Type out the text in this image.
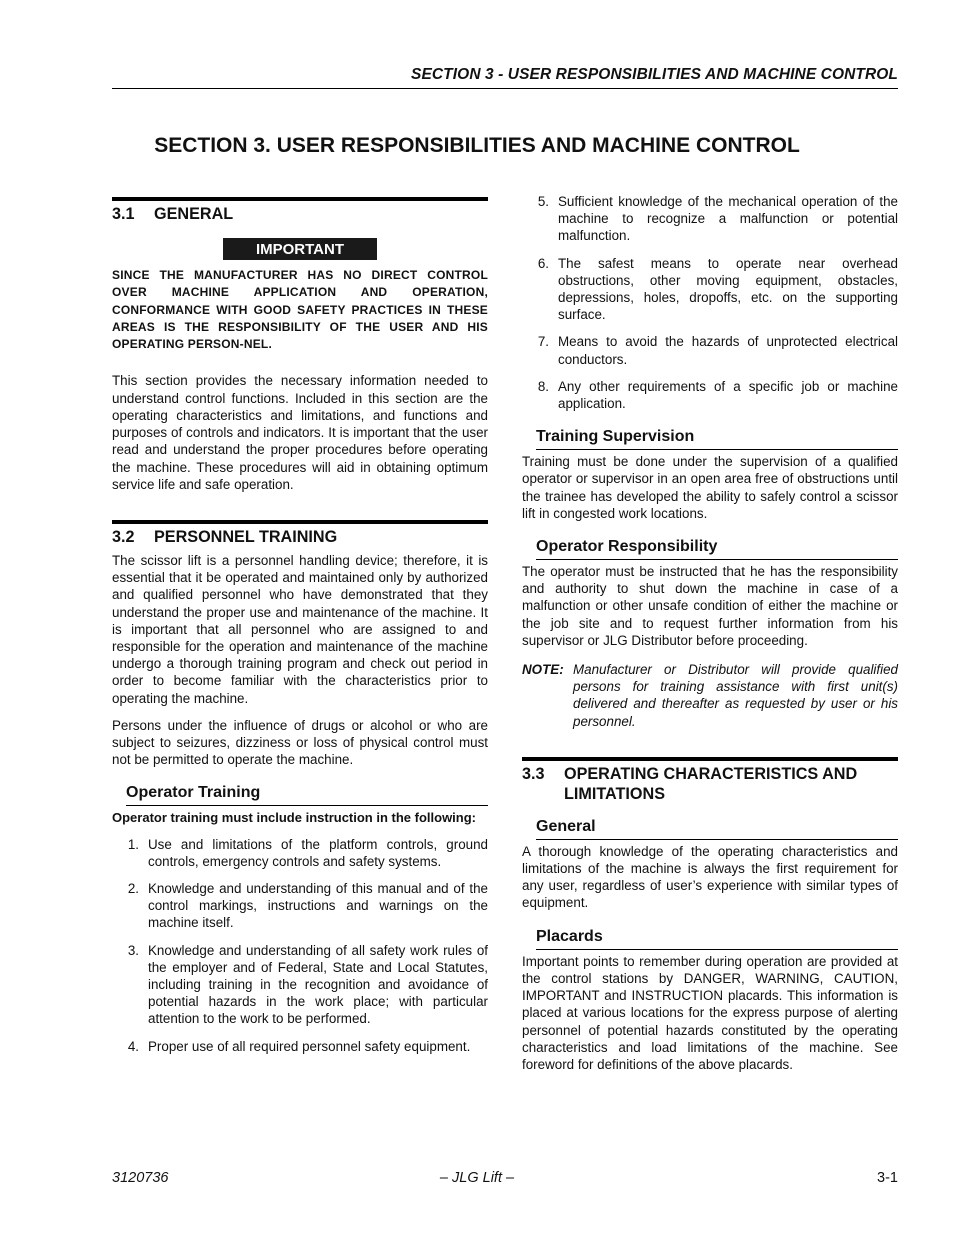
SECTION 3 - USER RESPONSIBILITIES AND MACHINE CONTROL
SECTION 3. USER RESPONSIBILITIES AND MACHINE CONTROL
3.1	GENERAL
IMPORTANT

SINCE THE MANUFACTURER HAS NO DIRECT CONTROL OVER MACHINE APPLICATION AND OPERATION, CONFORMANCE WITH GOOD SAFETY PRACTICES IN THESE AREAS IS THE RESPONSIBILITY OF THE USER AND HIS OPERATING PERSON-NEL.

This section provides the necessary information needed to understand control functions. Included in this section are the operating characteristics and limitations, and functions and purposes of controls and indicators. It is important that the user read and understand the proper procedures before operating the machine. These procedures will aid in obtaining optimum service life and safe operation.

3.2	PERSONNEL TRAINING

The scissor lift is a personnel handling device; therefore, it is essential that it be operated and maintained only by authorized and qualified personnel who have demonstrated that they understand the proper use and maintenance of the machine. It is important that all personnel who are assigned to and responsible for the operation and maintenance of the machine undergo a thorough training program and check out period in order to become familiar with the characteristics prior to operating the machine.

Persons under the influence of drugs or alcohol or who are subject to seizures, dizziness or loss of physical control must not be permitted to operate the machine.

Operator Training

Operator training must include instruction in the following:

1. Use and limitations of the platform controls, ground controls, emergency controls and safety systems.
2. Knowledge and understanding of this manual and of the control markings, instructions and warnings on the machine itself.
3. Knowledge and understanding of all safety work rules of the employer and of Federal, State and Local Statutes, including training in the recognition and avoidance of potential hazards in the work place; with particular attention to the work to be performed.
4. Proper use of all required personnel safety equipment.
5. Sufficient knowledge of the mechanical operation of the machine to recognize a malfunction or potential malfunction.
6. The safest means to operate near overhead obstructions, other moving equipment, obstacles, depressions, holes, dropoffs, etc. on the supporting surface.
7. Means to avoid the hazards of unprotected electrical conductors.
8. Any other requirements of a specific job or machine application.
Training Supervision

Training must be done under the supervision of a qualified operator or supervisor in an open area free of obstructions until the trainee has developed the ability to safely control a scissor lift in congested work locations.

Operator Responsibility

The operator must be instructed that he has the responsibility and authority to shut down the machine in case of a malfunction or other unsafe condition of either the machine or the job site and to request further information from his supervisor or JLG Distributor before proceeding.

NOTE: Manufacturer or Distributor will provide qualified persons for training assistance with first unit(s) delivered and thereafter as requested by user or his personnel.
3.3	OPERATING CHARACTERISTICS AND LIMITATIONS
General

A thorough knowledge of the operating characteristics and limitations of the machine is always the first requirement for any user, regardless of user’s experience with similar types of equipment.

Placards

Important points to remember during operation are provided at the control stations by DANGER, WARNING, CAUTION, IMPORTANT and INSTRUCTION placards. This information is placed at various locations for the express purpose of alerting personnel of potential hazards constituted by the operating characteristics and load limitations of the machine. See foreword for definitions of the above placards.

3120736	– JLG Lift –	3-1
